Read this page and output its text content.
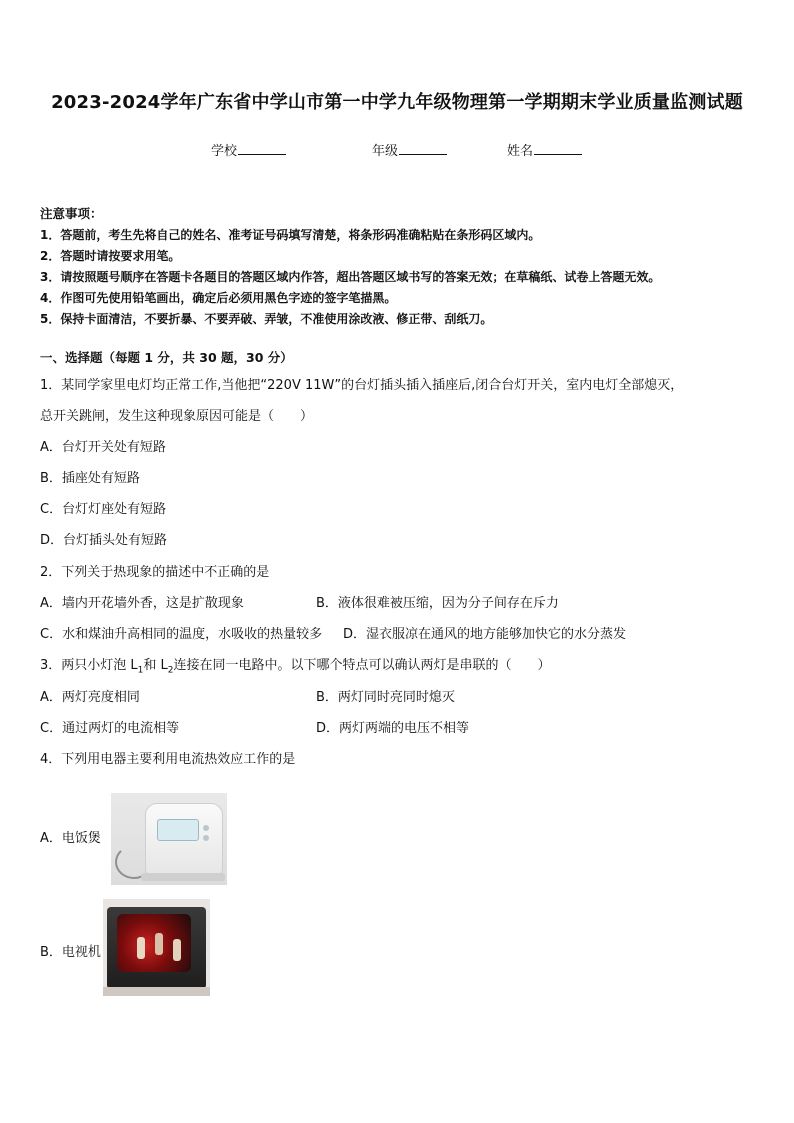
2023-2024学年广东省中学山市第一中学九年级物理第一学期期末学业质量监测试题
学校	年级	姓名
注意事项：
1．答题前，考生先将自己的姓名、准考证号码填写清楚，将条形码准确粘贴在条形码区域内。
2．答题时请按要求用笔。
3．请按照题号顺序在答题卡各题目的答题区域内作答，超出答题区域书写的答案无效；在草稿纸、试卷上答题无效。
4．作图可先使用铅笔画出，确定后必须用黑色字迹的签字笔描黑。
5．保持卡面清洁，不要折暴、不要弄破、弄皱，不准使用涂改液、修正带、刮纸刀。
一、选择题（每题 1 分，共 30 题，30 分）
1．某同学家里电灯均正常工作,当他把“220V 11W”的台灯插头插入插座后,闭合台灯开关，室内电灯全部熄灭，
总开关跳闸，发生这种现象原因可能是（　　）
A．台灯开关处有短路
B．插座处有短路
C．台灯灯座处有短路
D．台灯插头处有短路
2．下列关于热现象的描述中不正确的是
A．墙内开花墙外香，这是扩散现象	B．液体很难被压缩，因为分子间存在斥力
C．水和煤油升高相同的温度，水吸收的热量较多 D．湿衣服凉在通风的地方能够加快它的水分蒸发
3．两只小灯泡 $L_1$和 $L_2$连接在同一电路中。以下哪个特点可以确认两灯是串联的（　　）
A．两灯亮度相同	B．两灯同时亮同时熄灭
C．通过两灯的电流相等	D．两灯两端的电压不相等
4．下列用电器主要利用电流热效应工作的是
A．电饭煲
B．电视机
